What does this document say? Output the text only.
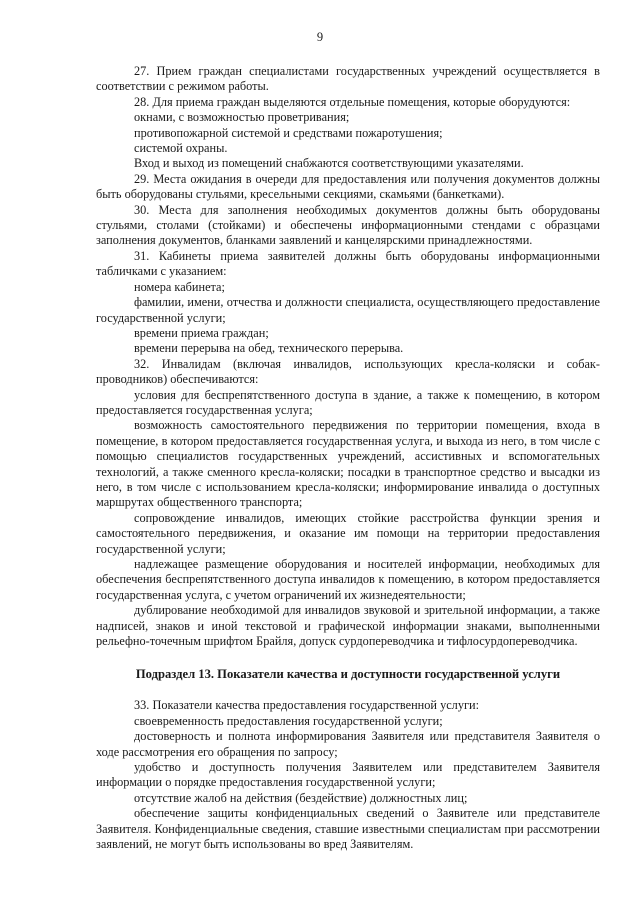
9

27. Прием граждан специалистами государственных учреждений осуществляется в соответствии с режимом работы.

28. Для приема граждан выделяются отдельные помещения, которые оборудуются:

окнами, с возможностью проветривания;

противопожарной системой и средствами пожаротушения;

системой охраны.

Вход и выход из помещений снабжаются соответствующими указателями.

29. Места ожидания в очереди для предоставления или получения документов должны быть оборудованы стульями, кресельными секциями, скамьями (банкетками).

30. Места для заполнения необходимых документов должны быть оборудованы стульями, столами (стойками) и обеспечены информационными стендами с образцами заполнения документов, бланками заявлений и канцелярскими принадлежностями.

31. Кабинеты приема заявителей должны быть оборудованы информационными табличками с указанием:

номера кабинета;

фамилии, имени, отчества и должности специалиста, осуществляющего предоставление государственной услуги;

времени приема граждан;

времени перерыва на обед, технического перерыва.

32. Инвалидам (включая инвалидов, использующих кресла-коляски и собак-проводников) обеспечиваются:

условия для беспрепятственного доступа в здание, а также к помещению, в котором предоставляется государственная услуга;

возможность самостоятельного передвижения по территории помещения, входа в помещение, в котором предоставляется государственная услуга, и выхода из него, в том числе с помощью специалистов государственных учреждений, ассистивных и вспомогательных технологий, а также сменного кресла-коляски; посадки в транспортное средство и высадки из него, в том числе с использованием кресла-коляски; информирование инвалида о доступных маршрутах общественного транспорта;

сопровождение инвалидов, имеющих стойкие расстройства функции зрения и самостоятельного передвижения, и оказание им помощи на территории предоставления государственной услуги;

надлежащее размещение оборудования и носителей информации, необходимых для обеспечения беспрепятственного доступа инвалидов к помещению, в котором предоставляется государственная услуга, с учетом ограничений их жизнедеятельности;

дублирование необходимой для инвалидов звуковой и зрительной информации, а также надписей, знаков и иной текстовой и графической информации знаками, выполненными рельефно-точечным шрифтом Брайля, допуск сурдопереводчика и тифлосурдопереводчика.

Подраздел 13. Показатели качества и доступности государственной услуги

33. Показатели качества предоставления государственной услуги:

своевременность предоставления государственной услуги;

достоверность и полнота информирования Заявителя или представителя Заявителя о ходе рассмотрения его обращения по запросу;

удобство и доступность получения Заявителем или представителем Заявителя информации о порядке предоставления государственной услуги;

отсутствие жалоб на действия (бездействие) должностных лиц;

обеспечение защиты конфиденциальных сведений о Заявителе или представителе Заявителя. Конфиденциальные сведения, ставшие известными специалистам при рассмотрении заявлений, не могут быть использованы во вред Заявителям.
